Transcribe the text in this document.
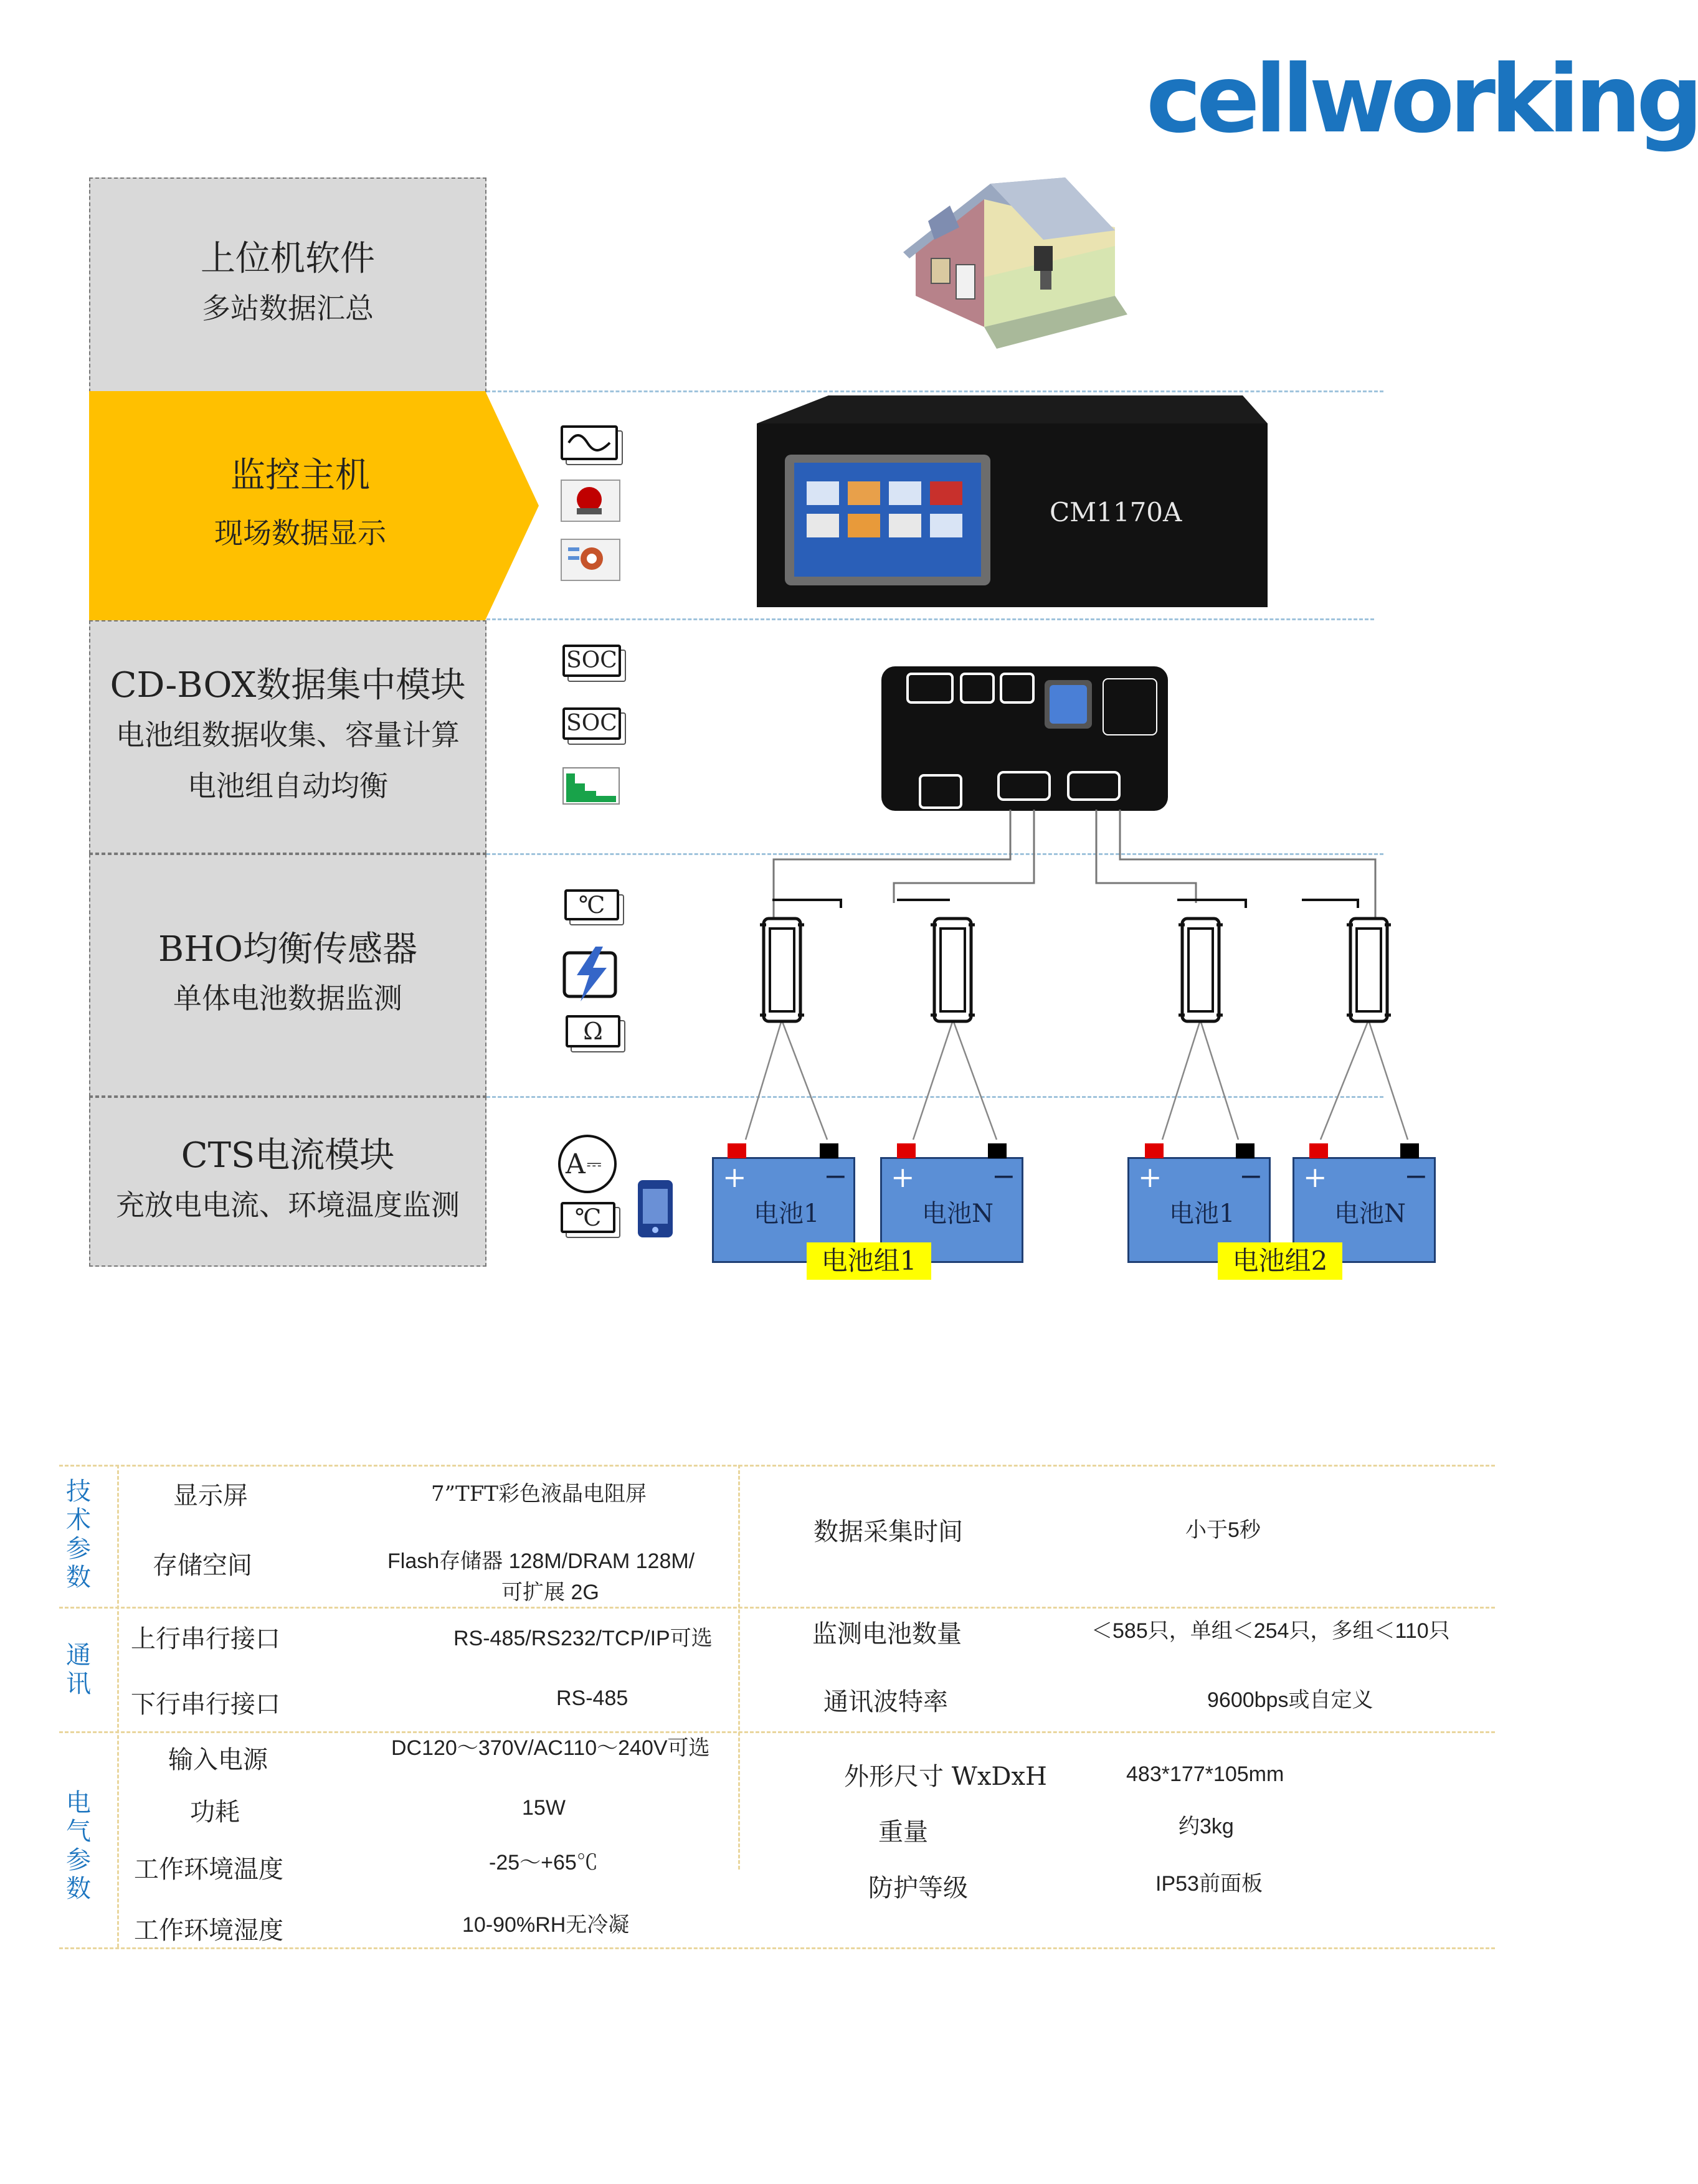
cellworking
上位机软件
多站数据汇总
监控主机
现场数据显示
CD-BOX数据集中模块
电池组数据收集、容量计算
电池组自动均衡
BHO均衡传感器
单体电池数据监测
CTS电流模块
充放电电流、环境温度监测
CM1170A
SOC
SOC
℃
Ω
A ⎓
℃
+	−
电池1
+	−
电池N
电池组1
+	−
电池1
+	−
电池N
电池组2
技术参数
通讯
电气参数
显示屏	7”TFT彩色液晶电阻屏
存储空间	Flash存储器 128M/DRAM 128M/
可扩展 2G
上行串行接口	RS-485/RS232/TCP/IP可选
下行串行接口	RS-485
输入电源	DC120～370V/AC110～240V可选
功耗	15W
工作环境温度	-25～+65℃
工作环境湿度	10-90%RH无冷凝
数据采集时间	小于5秒
监测电池数量	＜585只，单组＜254只，多组＜110只
通讯波特率	9600bps或自定义
外形尺寸 WxDxH	483*177*105mm
重量	约3kg
防护等级	IP53前面板
